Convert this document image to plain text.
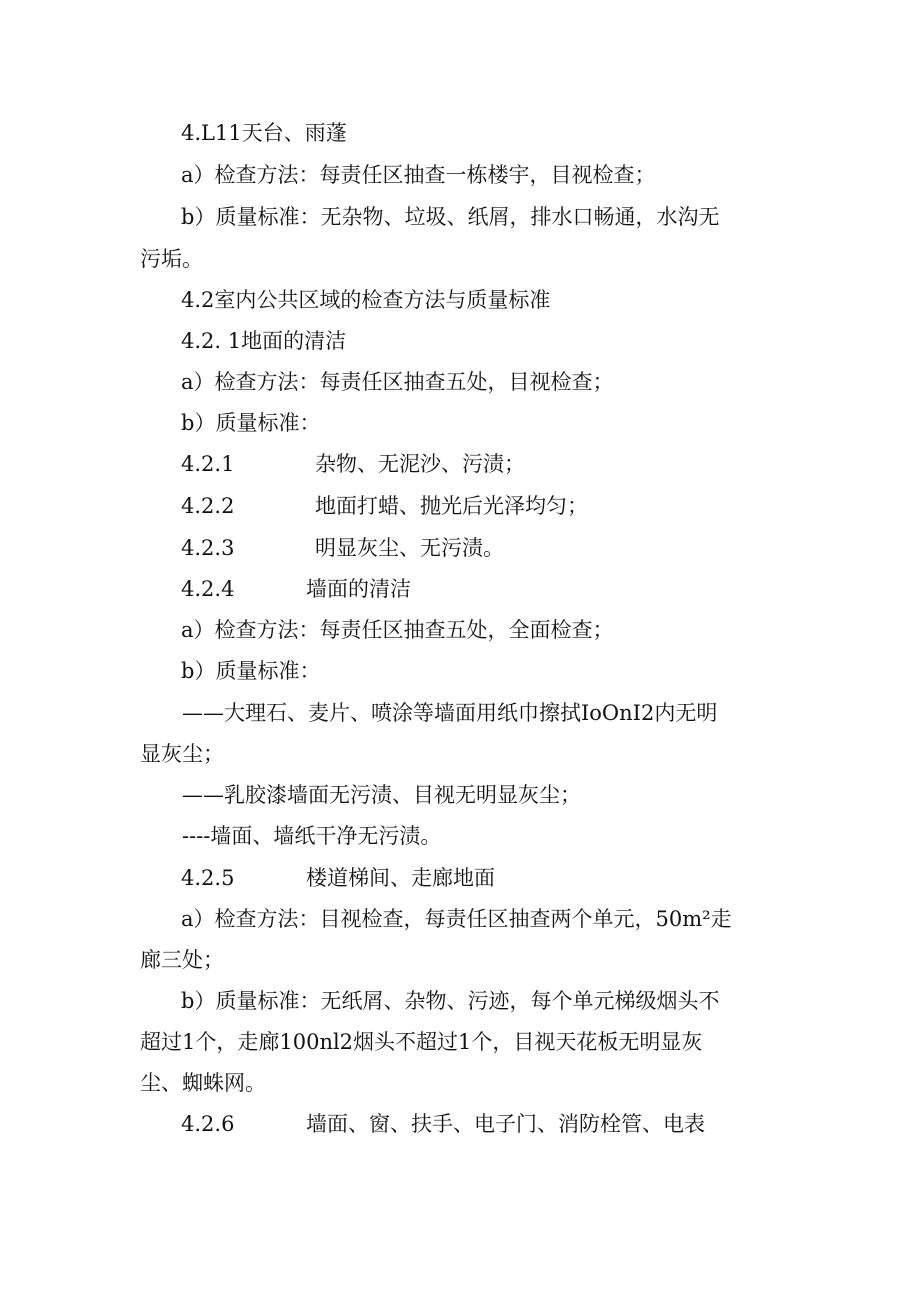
4.L11天台、雨蓬
a）检查方法：每责任区抽查一栋楼宇，目视检查；
b）质量标准：无杂物、垃圾、纸屑，排水口畅通，水沟无
污垢。
4.2室内公共区域的检查方法与质量标准
4.2. 1地面的清洁
a）检查方法：每责任区抽查五处，目视检查；
b）质量标准：
4.2.1	杂物、无泥沙、污渍；
4.2.2	地面打蜡、抛光后光泽均匀；
4.2.3	明显灰尘、无污渍。
4.2.4	墙面的清洁
a）检查方法：每责任区抽查五处，全面检查；
b）质量标准：
——大理石、麦片、喷涂等墙面用纸巾擦拭IoOnI2内无明
显灰尘；
——乳胶漆墙面无污渍、目视无明显灰尘；
----墙面、墙纸干净无污渍。
4.2.5	楼道梯间、走廊地面
a）检查方法：目视检查，每责任区抽查两个单元，50m²走
廊三处；
b）质量标准：无纸屑、杂物、污迹，每个单元梯级烟头不
超过1个，走廊100nl2烟头不超过1个，目视天花板无明显灰
尘、蜘蛛网。
4.2.6	墙面、窗、扶手、电子门、消防栓管、电表
